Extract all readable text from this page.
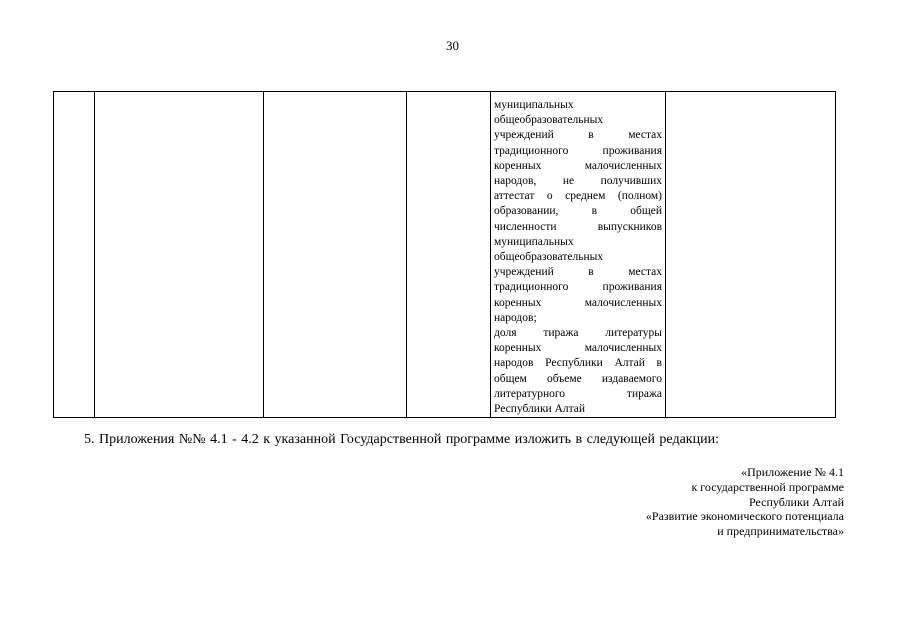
30

муниципальных
общеобразовательных
учреждений в местах
традиционного проживания
коренных малочисленных
народов, не получивших
аттестат о среднем (полном)
образовании, в общей
численности выпускников
муниципальных
общеобразовательных
учреждений в местах
традиционного проживания
коренных малочисленных
народов;
доля тиража литературы
коренных малочисленных
народов Республики Алтай в
общем объеме издаваемого
литературного тиража
Республики Алтай

5. Приложения №№ 4.1 - 4.2 к указанной Государственной программе изложить в следующей редакции:
«Приложение № 4.1
к государственной программе
Республики Алтай
«Развитие экономического потенциала
и предпринимательства»
